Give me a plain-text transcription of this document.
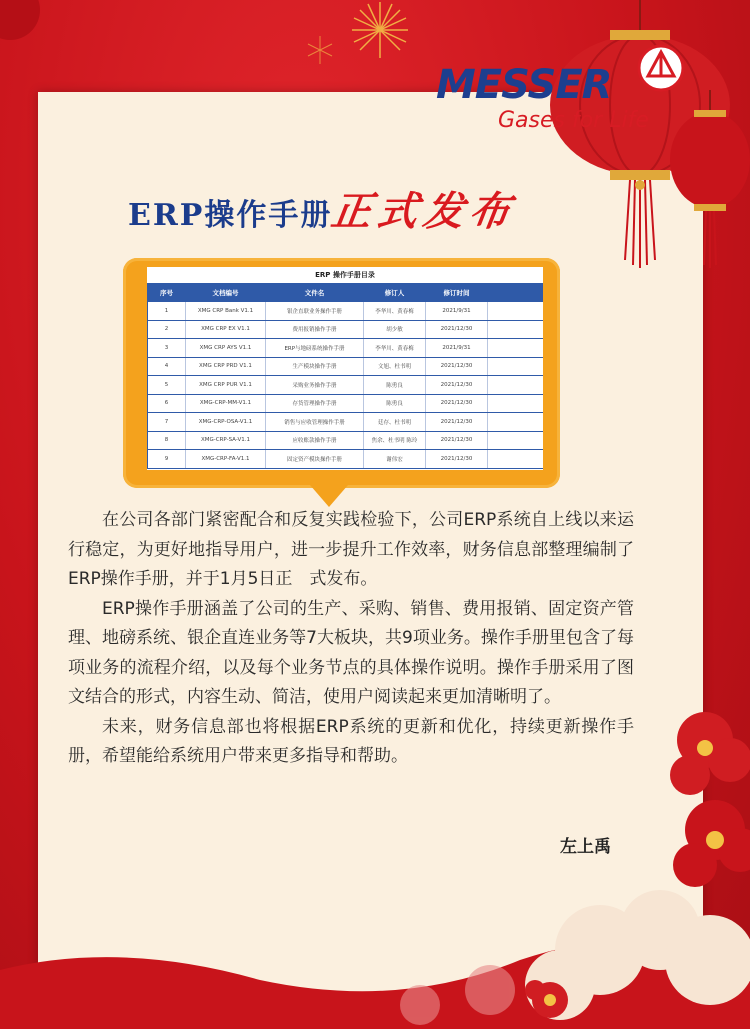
MESSER
Gases for Life
ERP操作手册
正式发布
ERP 操作手册目录
序号	文档编号	文件名	修订人	修订时间	
1	XMG CRP Bank V1.1	银企直联业务操作手册	李华川、黄春梅	2021/9/31	
2	XMG CRP EX V1.1	费用报销操作手册	胡少敏	2021/12/30	
3	XMG CRP AYS V1.1	ERP与地磅系统操作手册	李华川、黄春梅	2021/9/31	
4	XMG CRP PRD V1.1	生产模块操作手册	文旭、杜书明	2021/12/30	
5	XMG CRP PUR V1.1	采购业务操作手册	陈勇良	2021/12/30	
6	XMG-CRP-MM-V1.1	存货管理操作手册	陈勇良	2021/12/30	
7	XMG-CRP-OSA-V1.1	销售与应收管理操作手册	廷存、杜书明	2021/12/30	
8	XMG-CRP-SA-V1.1	应收账款操作手册	焦余、杜书明 陈玲	2021/12/30	
9	XMG-CRP-FA-V1.1	固定资产模块操作手册	谢伟宏	2021/12/30	

在公司各部门紧密配合和反复实践检验下，公司ERP系统自上线以来运行稳定，为更好地指导用户，进一步提升工作效率，财务信息部整理编制了ERP操作手册，并于1月5日正　式发布。

ERP操作手册涵盖了公司的生产、采购、销售、费用报销、固定资产管理、地磅系统、银企直连业务等7大板块，共9项业务。操作手册里包含了每项业务的流程介绍，以及每个业务节点的具体操作说明。操作手册采用了图文结合的形式，内容生动、简洁，使用户阅读起来更加清晰明了。

未来，财务信息部也将根据ERP系统的更新和优化，持续更新操作手册，希望能给系统用户带来更多指导和帮助。

左上禹
